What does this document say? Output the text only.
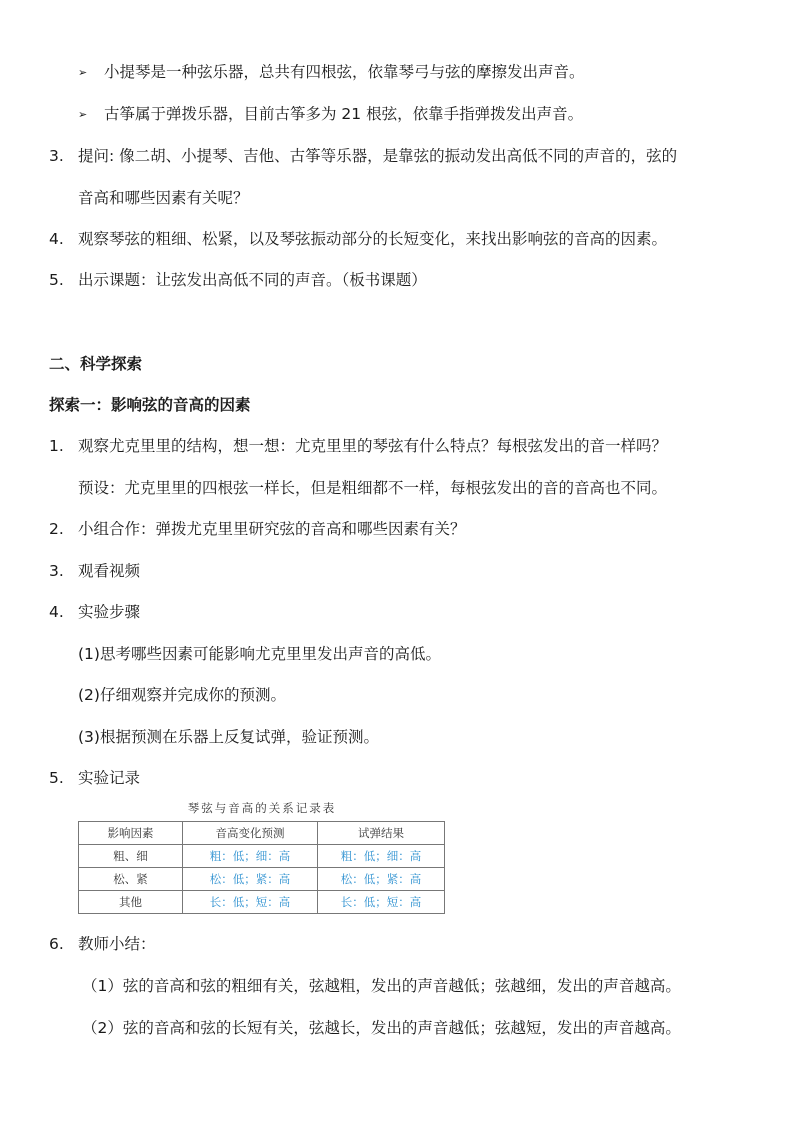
➢ 小提琴是一种弦乐器，总共有四根弦，依靠琴弓与弦的摩擦发出声音。
➢ 古筝属于弹拨乐器，目前古筝多为 21 根弦，依靠手指弹拨发出声音。
3. 提问: 像二胡、小提琴、吉他、古筝等乐器，是靠弦的振动发出高低不同的声音的，弦的
音高和哪些因素有关呢？
4. 观察琴弦的粗细、松紧，以及琴弦振动部分的长短变化，来找出影响弦的音高的因素。
5. 出示课题：让弦发出高低不同的声音。（板书课题）
二、科学探索
探索一：影响弦的音高的因素
1. 观察尤克里里的结构，想一想：尤克里里的琴弦有什么特点？每根弦发出的音一样吗？
预设：尤克里里的四根弦一样长，但是粗细都不一样，每根弦发出的音的音高也不同。
2. 小组合作：弹拨尤克里里研究弦的音高和哪些因素有关？
3. 观看视频
4. 实验步骤
(1)思考哪些因素可能影响尤克里里发出声音的高低。
(2)仔细观察并完成你的预测。
(3)根据预测在乐器上反复试弹，验证预测。
5. 实验记录
琴弦与音高的关系记录表
影响因素	音高变化预测	试弹结果
粗、细	粗：低；细：高	粗：低；细：高
松、紧	松：低；紧：高	松：低；紧：高
其他	长：低；短：高	长：低；短：高
6. 教师小结：
（1）弦的音高和弦的粗细有关，弦越粗，发出的声音越低；弦越细，发出的声音越高。
（2）弦的音高和弦的长短有关，弦越长，发出的声音越低；弦越短，发出的声音越高。
